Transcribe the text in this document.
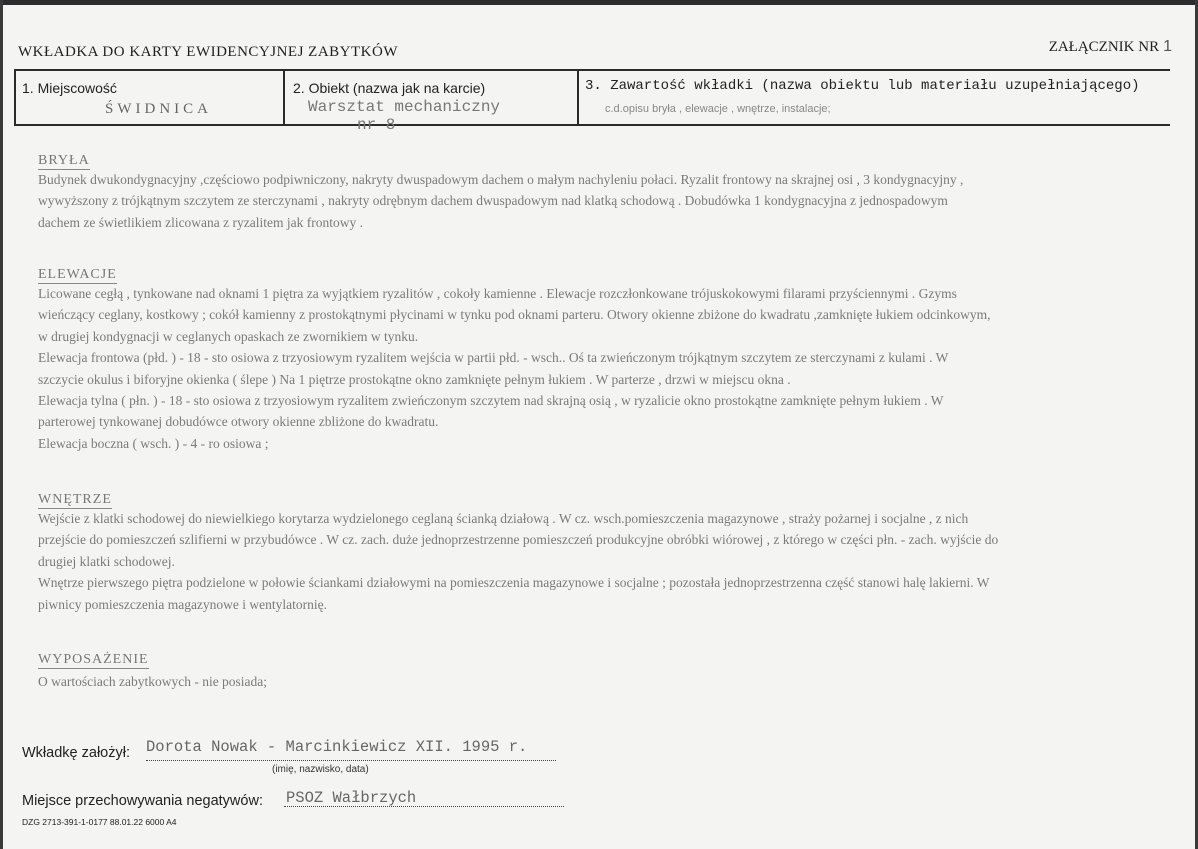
WKŁADKA DO KARTY EWIDENCYJNEJ ZABYTKÓW	ZAŁĄCZNIK NR 1
1. Miejscowość
ŚWIDNICA
2. Obiekt (nazwa jak na karcie)
Warsztat mechaniczny
nr 8
3. Zawartość wkładki (nazwa obiektu lub materiału uzupełniającego)
c.d.opisu bryła , elewacje , wnętrze, instalacje;
BRYŁA

Budynek dwukondygnacyjny ,częściowo podpiwniczony, nakryty dwuspadowym dachem o małym nachyleniu połaci. Ryzalit frontowy na skrajnej osi , 3 kondygnacyjny ,

wywyższony z trójkątnym szczytem ze sterczynami , nakryty odrębnym dachem dwuspadowym nad klatką schodową . Dobudówka 1 kondygnacyjna z jednospadowym

dachem ze świetlikiem zlicowana z ryzalitem jak frontowy .

ELEWACJE

Licowane cegłą , tynkowane nad oknami 1 piętra za wyjątkiem ryzalitów , cokoły kamienne . Elewacje rozczłonkowane trójuskokowymi filarami przyściennymi . Gzyms

wieńczący ceglany, kostkowy ; cokół kamienny z prostokątnymi płycinami w tynku pod oknami parteru. Otwory okienne zbiżone do kwadratu ,zamknięte łukiem odcinkowym,

w drugiej kondygnacji w ceglanych opaskach ze zwornikiem w tynku.

Elewacja frontowa (płd. ) - 18 - sto osiowa z trzyosiowym ryzalitem wejścia w partii płd. - wsch.. Oś ta zwieńczonym trójkątnym szczytem ze sterczynami z kulami . W

szczycie okulus i biforyjne okienka ( ślepe ) Na 1 piętrze prostokątne okno zamknięte pełnym łukiem . W parterze , drzwi w miejscu okna .

Elewacja tylna ( płn. ) - 18 - sto osiowa z trzyosiowym ryzalitem zwieńczonym szczytem nad skrajną osią , w ryzalicie okno prostokątne zamknięte pełnym łukiem . W

parterowej tynkowanej dobudówce otwory okienne zbliżone do kwadratu.

Elewacja boczna ( wsch. ) - 4 - ro osiowa ;

WNĘTRZE

Wejście z klatki schodowej do niewielkiego korytarza wydzielonego ceglaną ścianką działową . W cz. wsch.pomieszczenia magazynowe , straży pożarnej i socjalne , z nich

przejście do pomieszczeń szlifierni w przybudówce . W cz. zach. duże jednoprzestrzenne pomieszczeń produkcyjne obróbki wiórowej , z którego w części płn. - zach. wyjście do

drugiej klatki schodowej.

Wnętrze pierwszego piętra podzielone w połowie ściankami działowymi na pomieszczenia magazynowe i socjalne ; pozostała jednoprzestrzenna część stanowi halę lakierni. W

piwnicy pomieszczenia magazynowe i wentylatornię.

WYPOSAŻENIE

O wartościach zabytkowych - nie posiada;

Wkładkę założył: Dorota Nowak - Marcinkiewicz XII. 1995 r.
(imię, nazwisko, data)
Miejsce przechowywania negatywów: PSOZ Wałbrzych
DZG 2713-391-1-0177 88.01.22 6000 A4
